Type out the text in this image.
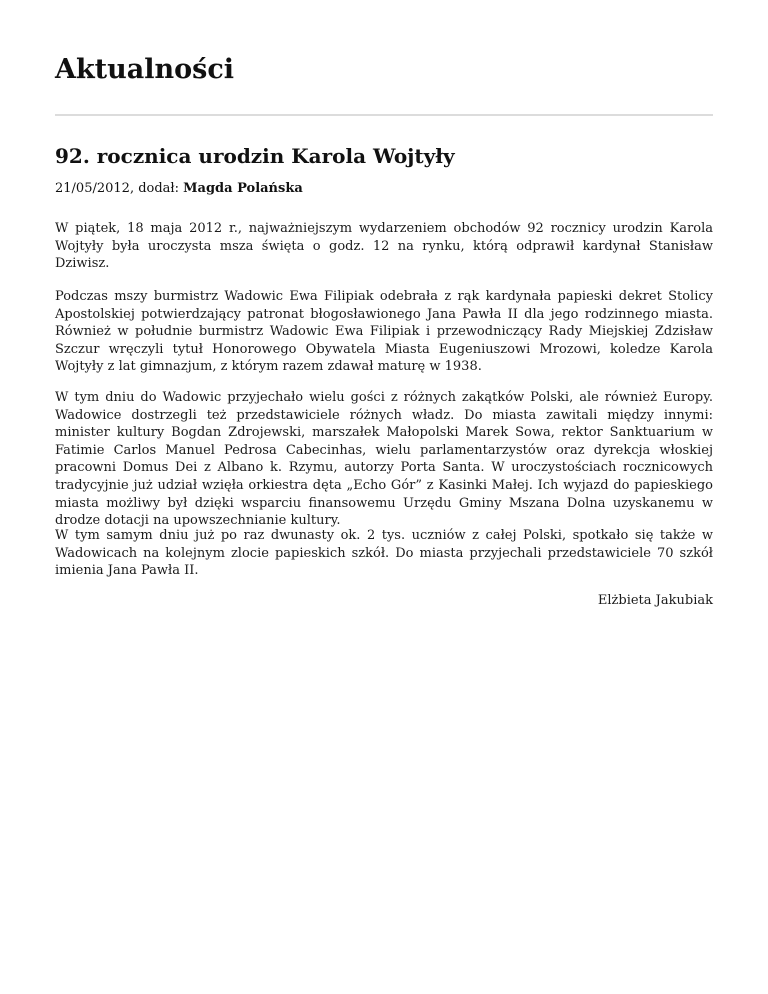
Aktualności
92. rocznica urodzin Karola Wojtyły
21/05/2012, dodał: Magda Polańska

W piątek, 18 maja 2012 r., najważniejszym wydarzeniem obchodów 92 rocznicy urodzin Karola Wojtyły była uroczysta msza święta o godz. 12 na rynku, którą odprawił kardynał Stanisław Dziwisz.

Podczas mszy burmistrz Wadowic Ewa Filipiak odebrała z rąk kardynała papieski dekret Stolicy Apostolskiej potwierdzający patronat błogosławionego Jana Pawła II dla jego rodzinnego miasta. Również w południe burmistrz Wadowic Ewa Filipiak i przewodniczący Rady Miejskiej Zdzisław Szczur wręczyli tytuł Honorowego Obywatela Miasta Eugeniuszowi Mrozowi, koledze Karola Wojtyły z lat gimnazjum, z którym razem zdawał maturę w 1938.

W tym dniu do Wadowic przyjechało wielu gości z różnych zakątków Polski, ale również Europy. Wadowice dostrzegli też przedstawiciele różnych władz. Do miasta zawitali między innymi: minister kultury Bogdan Zdrojewski, marszałek Małopolski Marek Sowa, rektor Sanktuarium w Fatimie Carlos Manuel Pedrosa Cabecinhas, wielu parlamentarzystów oraz dyrekcja włoskiej pracowni Domus Dei z Albano k. Rzymu, autorzy Porta Santa. W uroczystościach rocznicowych tradycyjnie już udział wzięła orkiestra dęta „Echo Gór” z Kasinki Małej. Ich wyjazd do papieskiego miasta możliwy był dzięki wsparciu finansowemu Urzędu Gminy Mszana Dolna uzyskanemu w drodze dotacji na upowszechnianie kultury.

W tym samym dniu już po raz dwunasty ok. 2 tys. uczniów z całej Polski, spotkało się także w Wadowicach na kolejnym zlocie papieskich szkół. Do miasta przyjechali przedstawiciele 70 szkół imienia Jana Pawła II.

Elżbieta Jakubiak
